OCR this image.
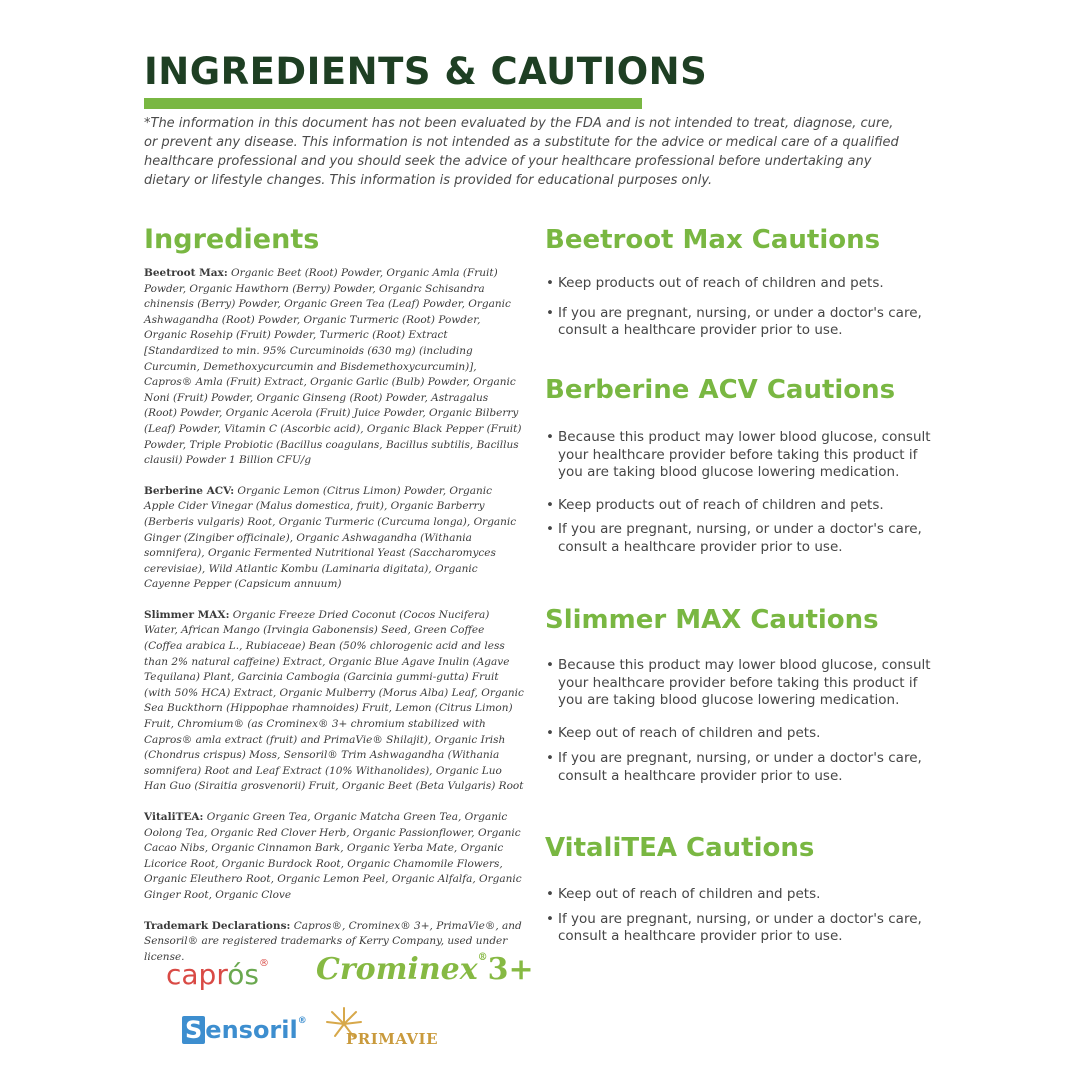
INGREDIENTS & CAUTIONS

*The information in this document has not been evaluated by the FDA and is not intended to treat, diagnose, cure, or prevent any disease. This information is not intended as a substitute for the advice or medical care of a qualified healthcare professional and you should seek the advice of your healthcare professional before undertaking any dietary or lifestyle changes. This information is provided for educational purposes only.

Ingredients

Beetroot Max: Organic Beet (Root) Powder, Organic Amla (Fruit) Powder, Organic Hawthorn (Berry) Powder, Organic Schisandra chinensis (Berry) Powder, Organic Green Tea (Leaf) Powder, Organic Ashwagandha (Root) Powder, Organic Turmeric (Root) Powder, Organic Rosehip (Fruit) Powder, Turmeric (Root) Extract [Standardized to min. 95% Curcuminoids (630 mg) (including Curcumin, Demethoxycurcumin and Bisdemethoxycurcumin)], Capros® Amla (Fruit) Extract, Organic Garlic (Bulb) Powder, Organic Noni (Fruit) Powder, Organic Ginseng (Root) Powder, Astragalus (Root) Powder, Organic Acerola (Fruit) Juice Powder, Organic Bilberry (Leaf) Powder, Vitamin C (Ascorbic acid), Organic Black Pepper (Fruit) Powder, Triple Probiotic (Bacillus coagulans, Bacillus subtilis, Bacillus clausii) Powder 1 Billion CFU/g

Berberine ACV: Organic Lemon (Citrus Limon) Powder, Organic Apple Cider Vinegar (Malus domestica, fruit), Organic Barberry (Berberis vulgaris) Root, Organic Turmeric (Curcuma longa), Organic Ginger (Zingiber officinale), Organic Ashwagandha (Withania somnifera), Organic Fermented Nutritional Yeast (Saccharomyces cerevisiae), Wild Atlantic Kombu (Laminaria digitata), Organic Cayenne Pepper (Capsicum annuum)

Slimmer MAX: Organic Freeze Dried Coconut (Cocos Nucifera) Water, African Mango (Irvingia Gabonensis) Seed, Green Coffee (Coffea arabica L., Rubiaceae) Bean (50% chlorogenic acid and less than 2% natural caffeine) Extract, Organic Blue Agave Inulin (Agave Tequilana) Plant, Garcinia Cambogia (Garcinia gummi-gutta) Fruit (with 50% HCA) Extract, Organic Mulberry (Morus Alba) Leaf, Organic Sea Buckthorn (Hippophae rhamnoides) Fruit, Lemon (Citrus Limon) Fruit, Chromium® (as Crominex® 3+ chromium stabilized with Capros® amla extract (fruit) and PrimaVie® Shilajit), Organic Irish (Chondrus crispus) Moss, Sensoril® Trim Ashwagandha (Withania somnifera) Root and Leaf Extract (10% Withanolides), Organic Luo Han Guo (Siraitia grosvenorii) Fruit, Organic Beet (Beta Vulgaris) Root

VitaliTEA: Organic Green Tea, Organic Matcha Green Tea, Organic Oolong Tea, Organic Red Clover Herb, Organic Passionflower, Organic Cacao Nibs, Organic Cinnamon Bark, Organic Yerba Mate, Organic Licorice Root, Organic Burdock Root, Organic Chamomile Flowers, Organic Eleuthero Root, Organic Lemon Peel, Organic Alfalfa, Organic Ginger Root, Organic Clove

Trademark Declarations: Capros®, Crominex® 3+, PrimaVie®, and Sensoril® are registered trademarks of Kerry Company, used under license.

caprós® Crominex®3+
S ensoril®
PRIMAVIE
Beetroot Max Cautions
• Keep products out of reach of children and pets.
• If you are pregnant, nursing, or under a doctor's care, consult a healthcare provider prior to use.
Berberine ACV Cautions
• Because this product may lower blood glucose, consult your healthcare provider before taking this product if you are taking blood glucose lowering medication.
• Keep products out of reach of children and pets.
• If you are pregnant, nursing, or under a doctor's care, consult a healthcare provider prior to use.
Slimmer MAX Cautions
• Because this product may lower blood glucose, consult your healthcare provider before taking this product if you are taking blood glucose lowering medication.
• Keep out of reach of children and pets.
• If you are pregnant, nursing, or under a doctor's care, consult a healthcare provider prior to use.
VitaliTEA Cautions
• Keep out of reach of children and pets.
• If you are pregnant, nursing, or under a doctor's care, consult a healthcare provider prior to use.
